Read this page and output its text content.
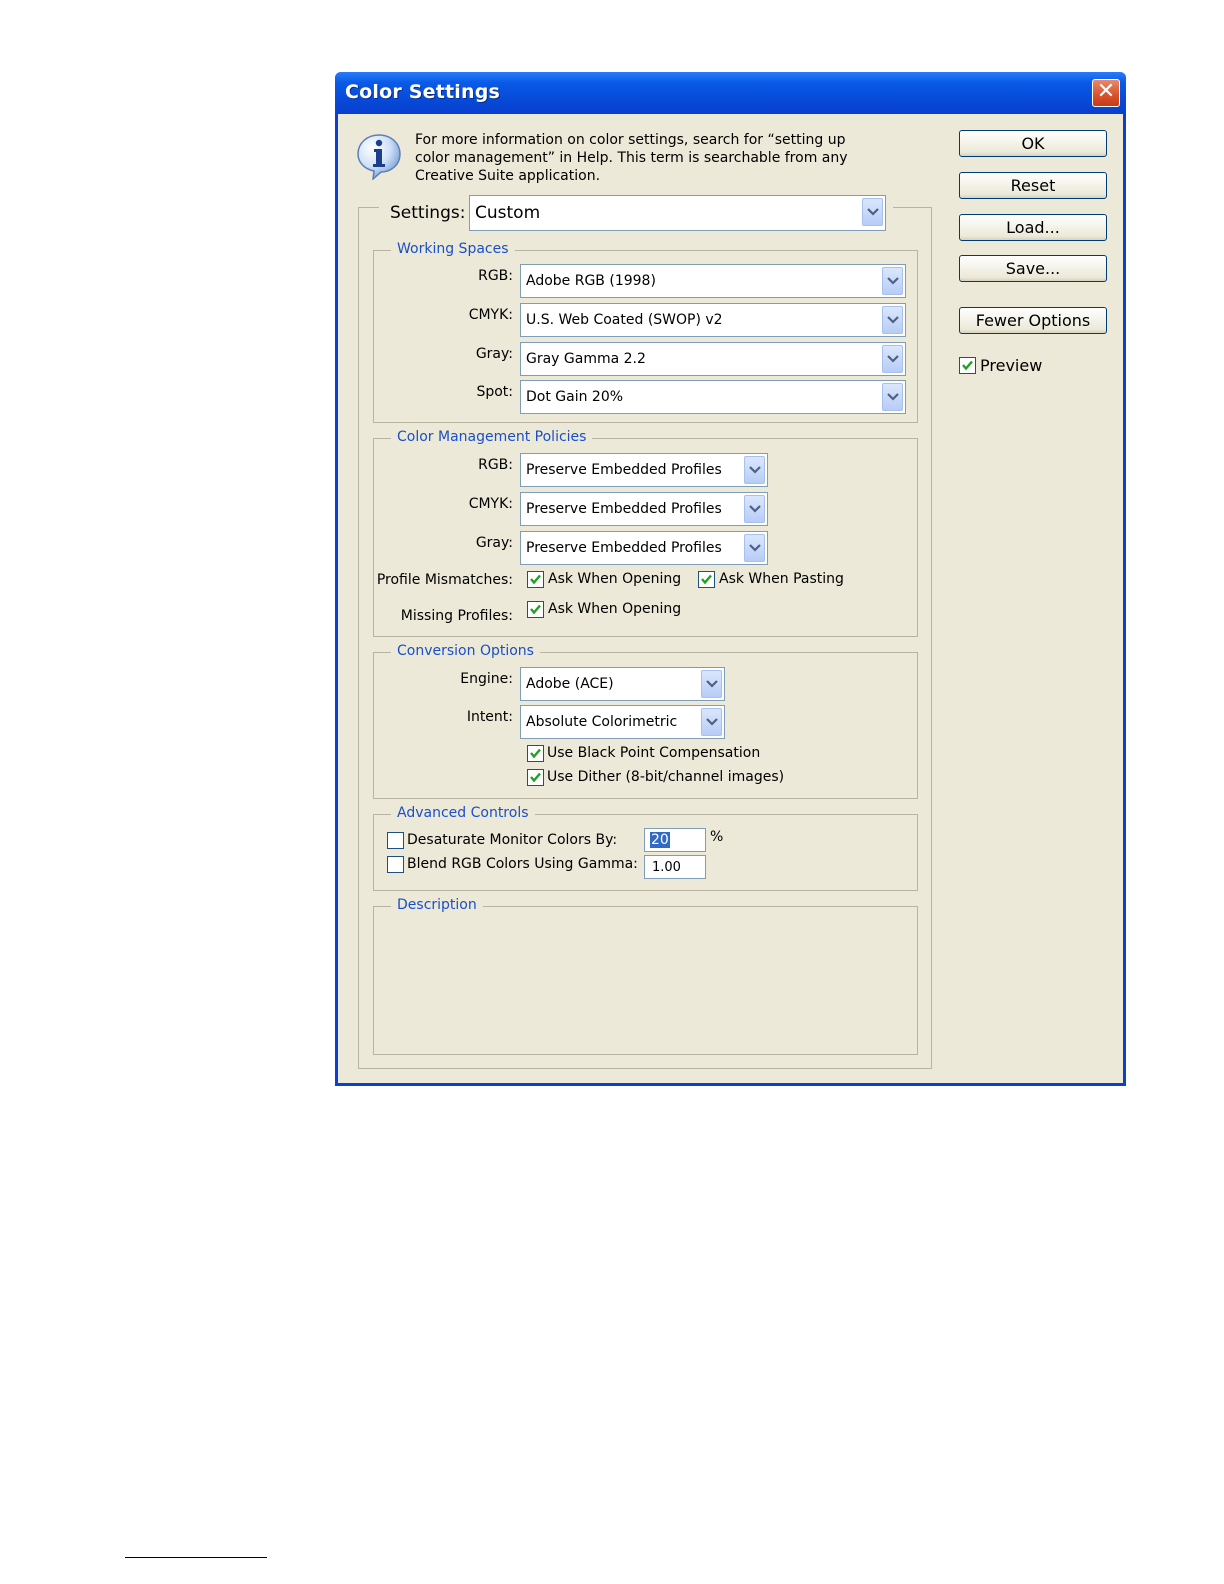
Color Settings	✕
For more information on color settings, search for “setting up
color management” in Help. This term is searchable from any
Creative Suite application.
Settings: Custom
Working Spaces
RGB: Adobe RGB (1998)
CMYK: U.S. Web Coated (SWOP) v2
Gray: Gray Gamma 2.2
Spot: Dot Gain 20%
Color Management Policies
RGB: Preserve Embedded Profiles
CMYK: Preserve Embedded Profiles
Gray: Preserve Embedded Profiles
Profile Mismatches:	Ask When Opening	Ask When Pasting
Missing Profiles:	Ask When Opening
Conversion Options
Engine: Adobe (ACE)
Intent: Absolute Colorimetric
Use Black Point Compensation
Use Dither (8-bit/channel images)
Advanced Controls
Desaturate Monitor Colors By: 20	%
Blend RGB Colors Using Gamma: 1.00
Description
OK
Reset
Load...
Save...
Fewer Options
Preview
